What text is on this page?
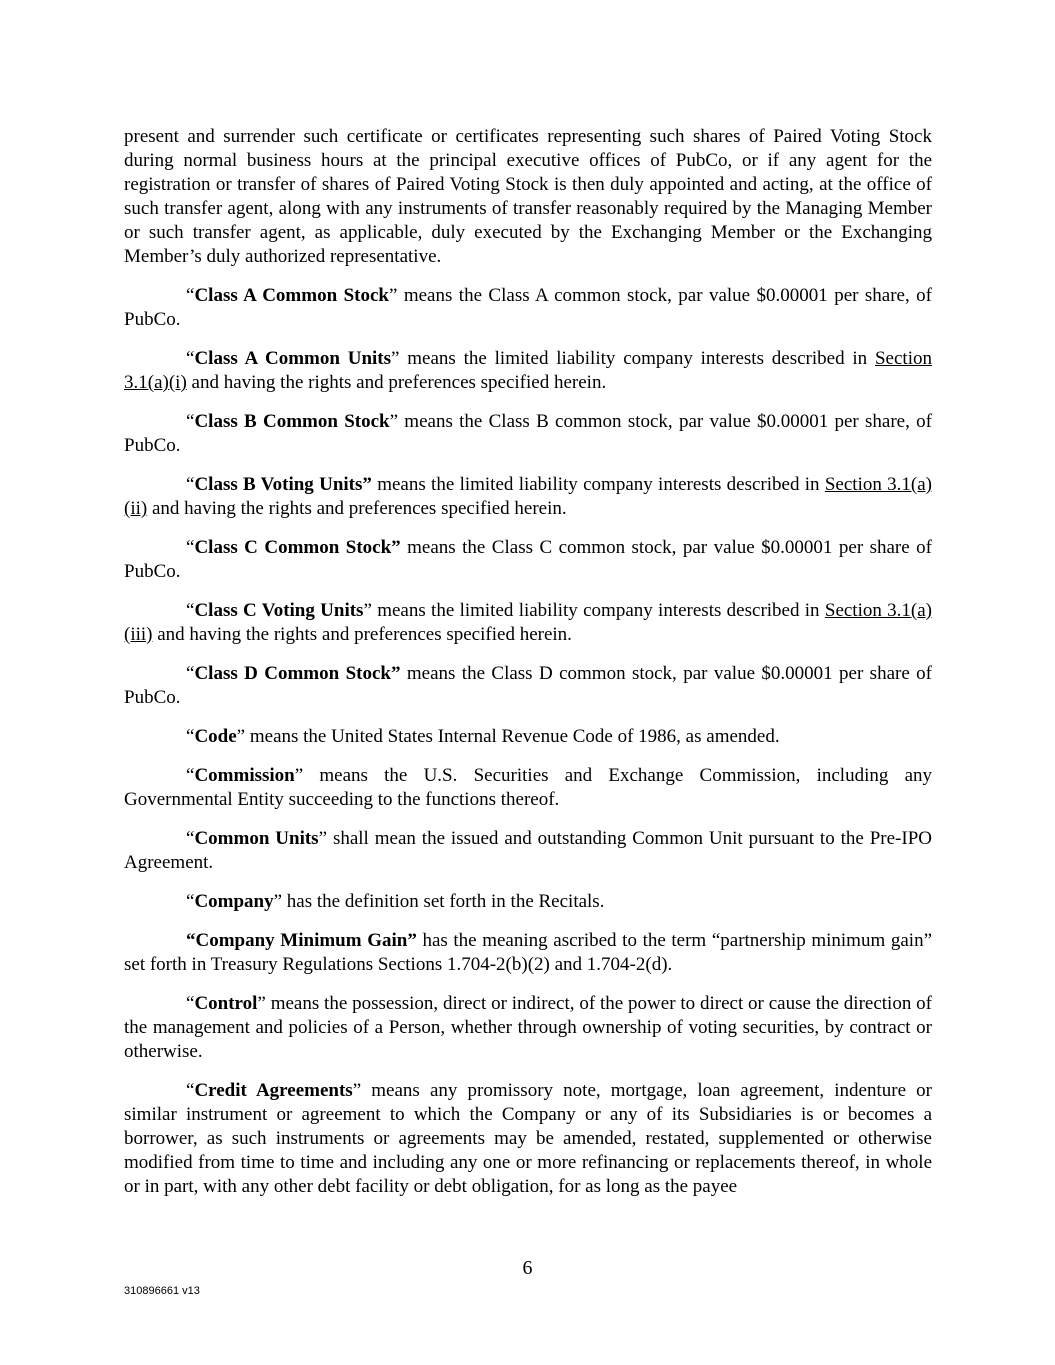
present and surrender such certificate or certificates representing such shares of Paired Voting Stock during normal business hours at the principal executive offices of PubCo, or if any agent for the registration or transfer of shares of Paired Voting Stock is then duly appointed and acting, at the office of such transfer agent, along with any instruments of transfer reasonably required by the Managing Member or such transfer agent, as applicable, duly executed by the Exchanging Member or the Exchanging Member’s duly authorized representative.

“Class A Common Stock” means the Class A common stock, par value $0.00001 per share, of PubCo.

“Class A Common Units” means the limited liability company interests described in Section 3.1(a)(i) and having the rights and preferences specified herein.

“Class B Common Stock” means the Class B common stock, par value $0.00001 per share, of PubCo.

“Class B Voting Units” means the limited liability company interests described in Section 3.1(a)(ii) and having the rights and preferences specified herein.

“Class C Common Stock” means the Class C common stock, par value $0.00001 per share of PubCo.

“Class C Voting Units” means the limited liability company interests described in Section 3.1(a)(iii) and having the rights and preferences specified herein.

“Class D Common Stock” means the Class D common stock, par value $0.00001 per share of PubCo.

“Code” means the United States Internal Revenue Code of 1986, as amended.

“Commission” means the U.S. Securities and Exchange Commission, including any Governmental Entity succeeding to the functions thereof.

“Common Units” shall mean the issued and outstanding Common Unit pursuant to the Pre-IPO Agreement.

“Company” has the definition set forth in the Recitals.

“Company Minimum Gain” has the meaning ascribed to the term “partnership minimum gain” set forth in Treasury Regulations Sections 1.704-2(b)(2) and 1.704-2(d).

“Control” means the possession, direct or indirect, of the power to direct or cause the direction of the management and policies of a Person, whether through ownership of voting securities, by contract or otherwise.

“Credit Agreements” means any promissory note, mortgage, loan agreement, indenture or similar instrument or agreement to which the Company or any of its Subsidiaries is or becomes a borrower, as such instruments or agreements may be amended, restated, supplemented or otherwise modified from time to time and including any one or more refinancing or replacements thereof, in whole or in part, with any other debt facility or debt obligation, for as long as the payee

6
310896661 v13
